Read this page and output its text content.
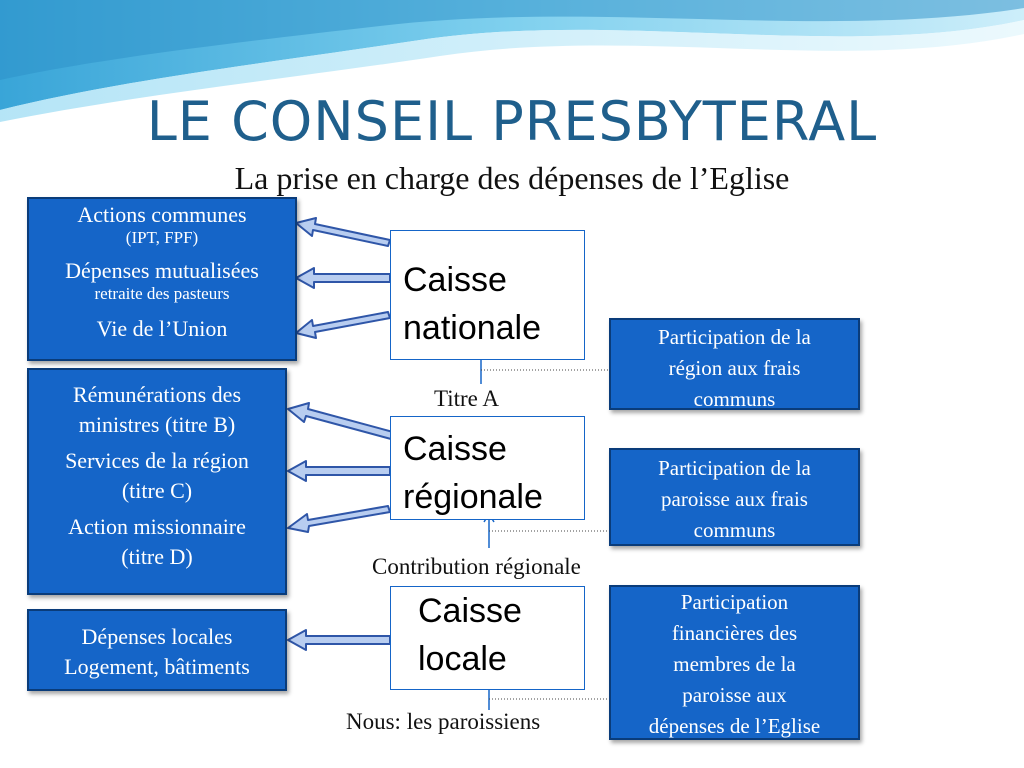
LE CONSEIL PRESBYTERAL
La prise en charge des dépenses de l’Eglise
Actions communes
(IPT, FPF)
Dépenses mutualisées
retraite des pasteurs
Vie de l’Union
Rémunérations des
ministres (titre B)
Services de la région
(titre C)
Action missionnaire
(titre D)
Dépenses locales
Logement, bâtiments
Caisse
nationale
Caisse
régionale
Caisse
locale
Titre A
Contribution régionale
Nous: les paroissiens
Participation de la
région aux frais
communs
Participation de la
paroisse aux frais
communs
Participation
financières des
membres de la
paroisse aux
dépenses de l’Eglise
